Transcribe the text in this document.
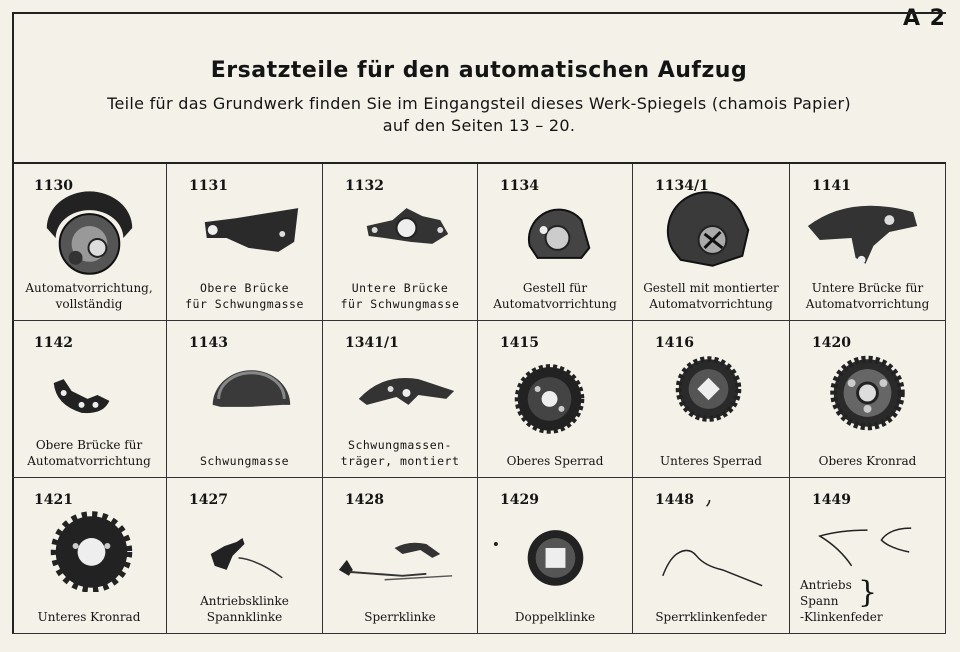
A 2
Ersatzteile für den automatischen Aufzug
Teile für das Grundwerk finden Sie im Eingangsteil dieses Werk-Spiegels (chamois Papier)
auf den Seiten 13 – 20.
1130
Automatvorrichtung,
vollständig
1131
Obere Brücke
für Schwungmasse
1132
Untere Brücke
für Schwungmasse
1134
Gestell für
Automatvorrichtung
1134/1
Gestell mit montierter
Automatvorrichtung
1141
Untere Brücke für
Automatvorrichtung
1142
Obere Brücke für
Automatvorrichtung
1143
Schwungmasse
1341/1
Schwungmassen-
träger, montiert
1415
Oberes Sperrad
1416
Unteres Sperrad
1420
Oberes Kronrad
1421
Unteres Kronrad
1427
Antriebsklinke
Spannklinke
1428
Sperrklinke
1429
Doppelklinke
1448
Sperrklinkenfeder
1449
Antriebs
Spann
-Klinkenfeder
}
